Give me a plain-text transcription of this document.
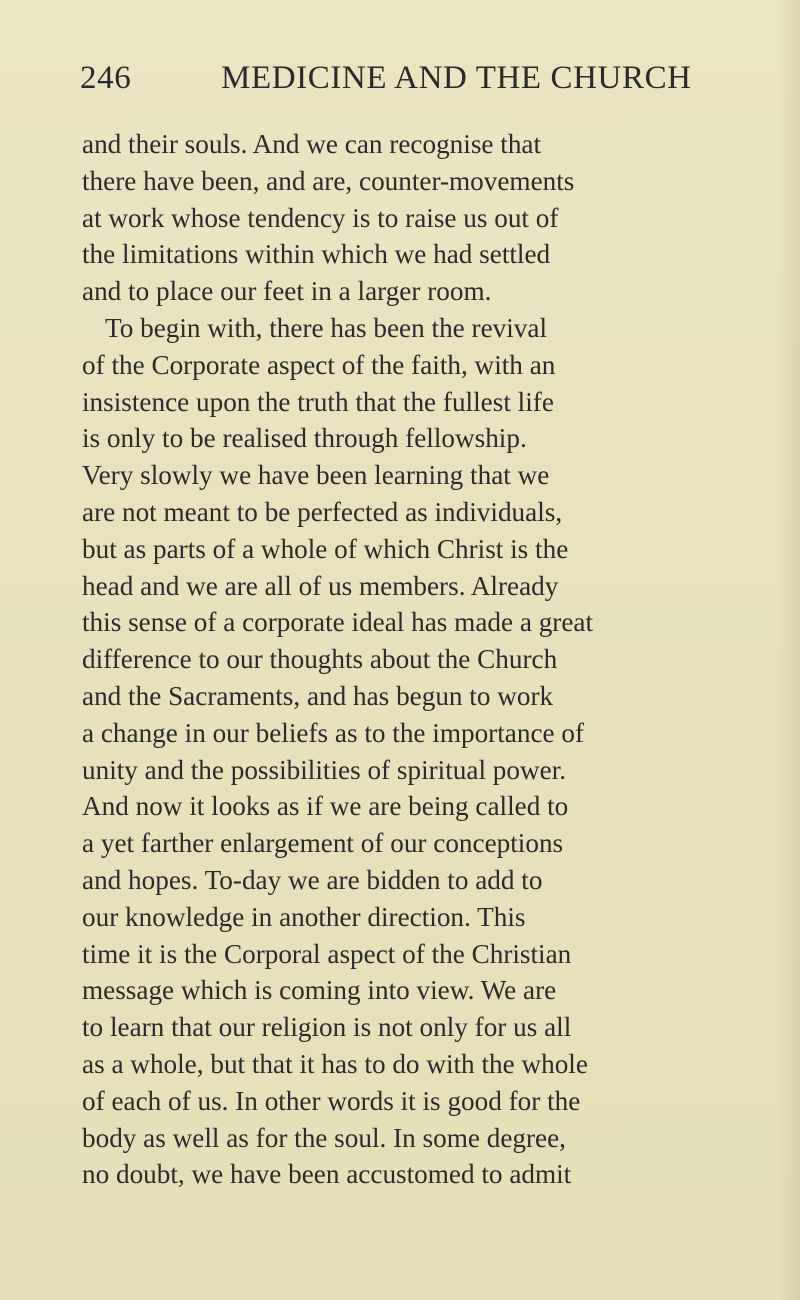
246	MEDICINE AND THE CHURCH
and their souls. And we can recognise that
there have been, and are, counter-movements
at work whose tendency is to raise us out of
the limitations within which we had settled
and to place our feet in a larger room.
To begin with, there has been the revival
of the Corporate aspect of the faith, with an
insistence upon the truth that the fullest life
is only to be realised through fellowship.
Very slowly we have been learning that we
are not meant to be perfected as individuals,
but as parts of a whole of which Christ is the
head and we are all of us members. Already
this sense of a corporate ideal has made a great
difference to our thoughts about the Church
and the Sacraments, and has begun to work
a change in our beliefs as to the importance of
unity and the possibilities of spiritual power.
And now it looks as if we are being called to
a yet farther enlargement of our conceptions
and hopes. To-day we are bidden to add to
our knowledge in another direction. This
time it is the Corporal aspect of the Christian
message which is coming into view. We are
to learn that our religion is not only for us all
as a whole, but that it has to do with the whole
of each of us. In other words it is good for the
body as well as for the soul. In some degree,
no doubt, we have been accustomed to admit
